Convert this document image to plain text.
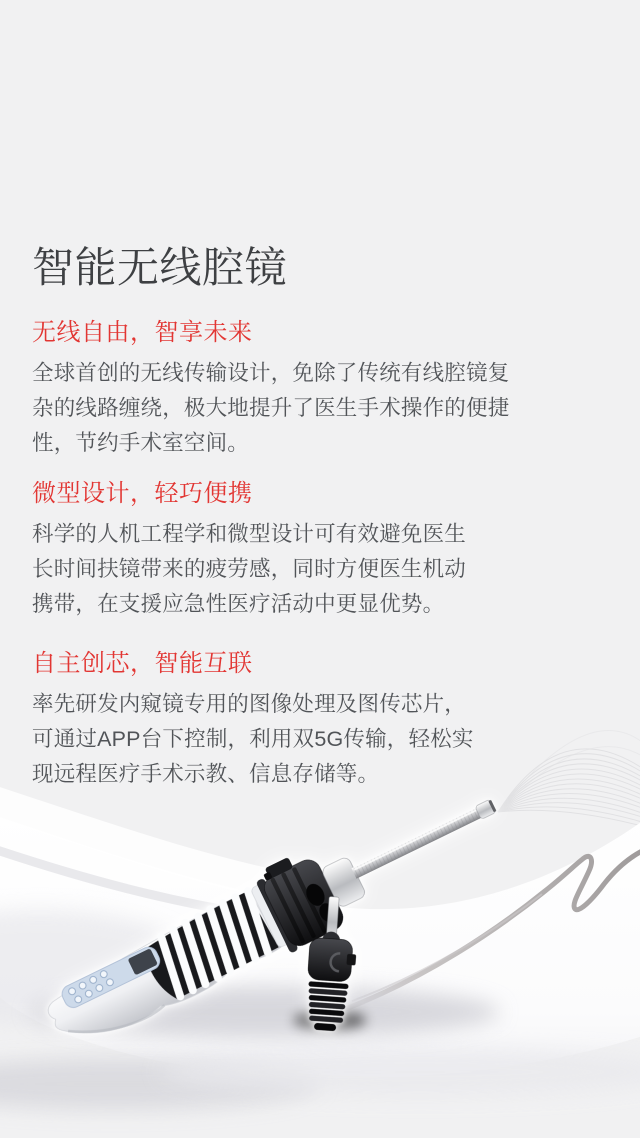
智能无线腔镜
无线自由，智享未来

全球首创的无线传输设计，免除了传统有线腔镜复
杂的线路缠绕，极大地提升了医生手术操作的便捷
性，节约手术室空间。

微型设计，轻巧便携

科学的人机工程学和微型设计可有效避免医生
长时间扶镜带来的疲劳感，同时方便医生机动
携带，在支援应急性医疗活动中更显优势。

自主创芯，智能互联

率先研发内窥镜专用的图像处理及图传芯片，
可通过APP台下控制，利用双5G传输，轻松实
现远程医疗手术示教、信息存储等。
